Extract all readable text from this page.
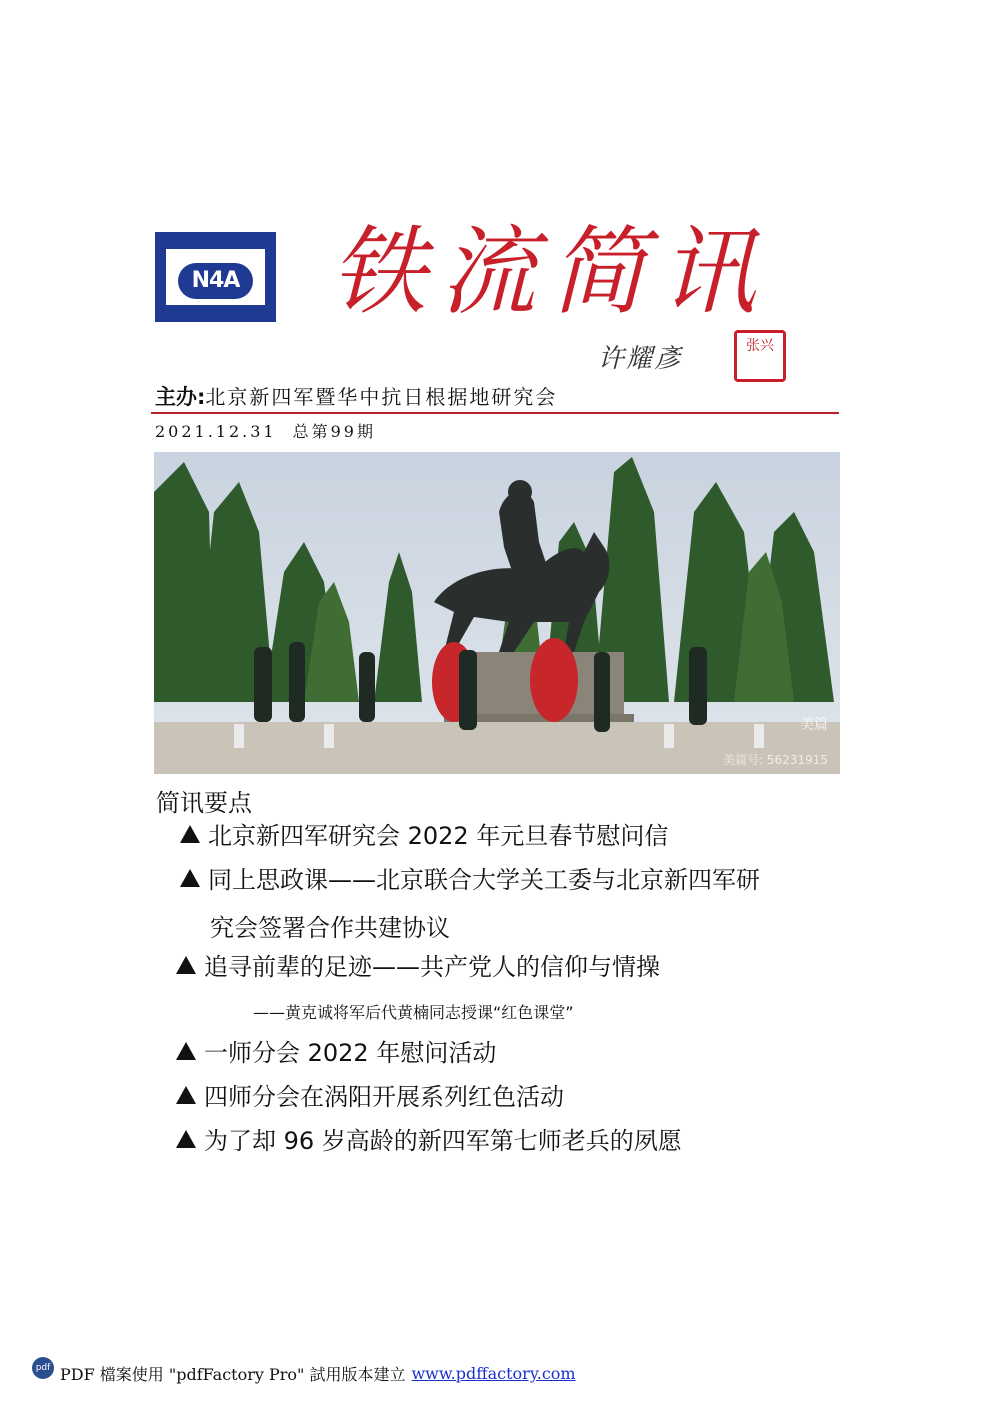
N4A 铁流简讯
许耀彥	张兴
主办:北京新四军暨华中抗日根据地研究会
2021.12.31 总第99期
美篇
美篇号: 56231915
简讯要点
北京新四军研究会 2022 年元旦春节慰问信
同上思政课——北京联合大学关工委与北京新四军研
究会签署合作共建协议
追寻前辈的足迹——共产党人的信仰与情操
——黄克诚将军后代黄楠同志授课“红色课堂”
一师分会 2022 年慰问活动
四师分会在涡阳开展系列红色活动
为了却 96 岁高龄的新四军第七师老兵的夙愿
pdf PDF 檔案使用 "pdfFactory Pro" 試用版本建立 www.pdffactory.com
